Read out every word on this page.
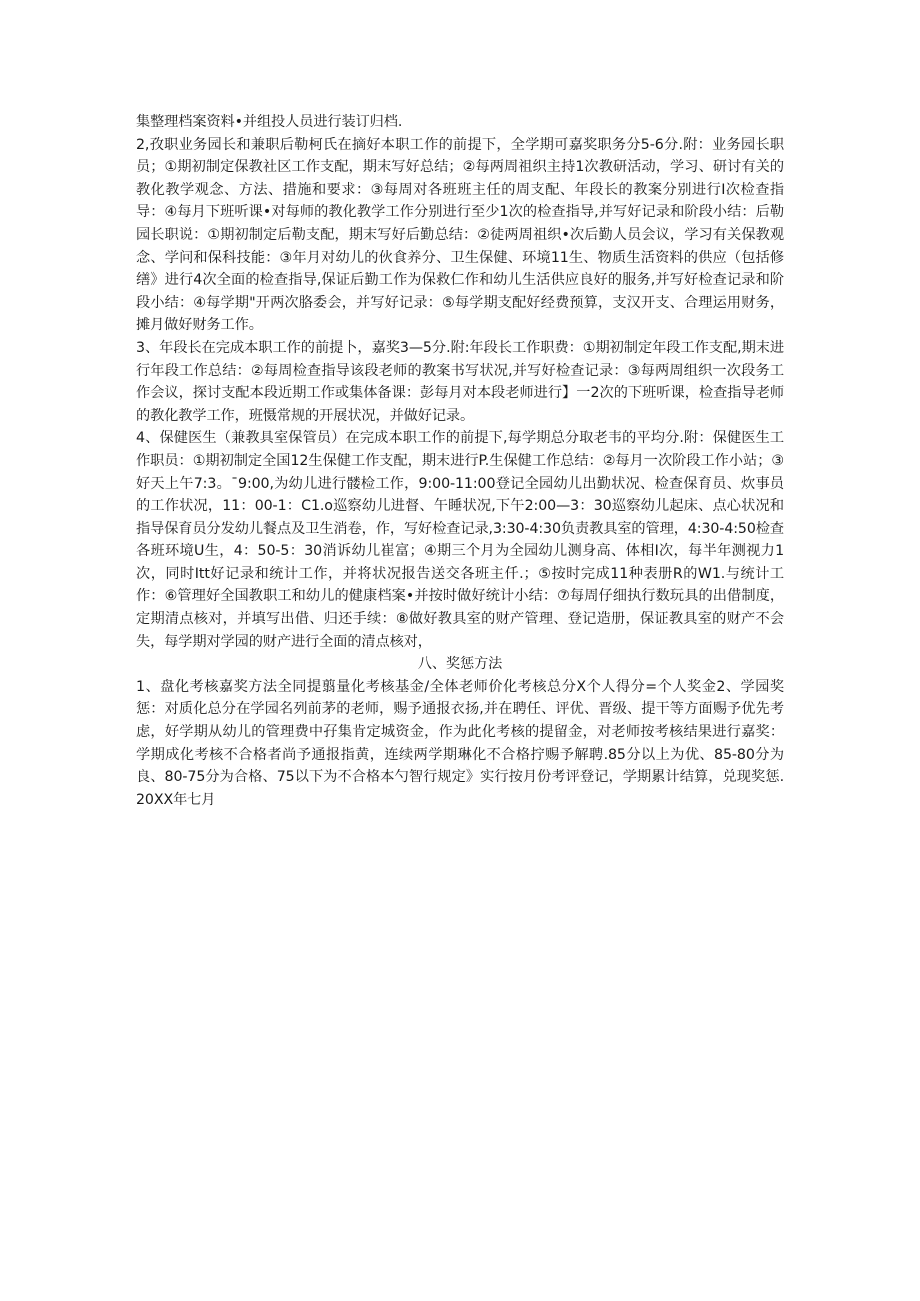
集整理档案资料•并组投人员进行装订归档.

2,孜职业务园长和兼职后勒柯氏在摘好本职工作的前提下，全学期可嘉奖职务分5-6分.附：业务园长职员；①期初制定保教社区工作支配，期末写好总结；②每两周祖织主持1次教研活动，学习、研讨有关的教化教学观念、方法、措施和要求：③每周对各班班主任的周支配、年段长的教案分别进行I次检查指导：④每月下班听课•对每师的教化教学工作分别进行至少1次的检查指导,并写好记录和阶段小结：后勒园长职说：①期初制定后勒支配，期末写好后勤总结：②徒两周祖织•次后勤人员会议，学习有关保教观念、学问和保科技能：③年月对幼儿的伙食养分、卫生保健、环境11生、物质生活资料的供应（包括修缮》进行4次全面的检查指导,保证后勤工作为保救仁作和幼儿生活供应良好的服务,并写好检查记录和阶段小结：④每学期"开两次胳委会，并写好记录：⑤每学期支配好经费预算，支汉开支、合理运用财务，摊月做好财务工作。

3、年段长在完成本职工作的前提卜，嘉奖3—5分.附:年段长工作职费：①期初制定年段工作支配,期末进行年段工作总结：②每周检查指导该段老师的教案书写状况,并写好检查记录：③每两周组织一次段务工作会议，探讨支配本段近期工作或集体备课：彭每月对本段老师进行】一2次的下班听课，检查指导老师的教化教学工作，班慑常规的开展状况，并做好记录。

4、保健医生（兼教具室保管员）在完成本职工作的前提下,每学期总分取老韦的平均分.附：保健医生工作职员：①期初制定全国12生保健工作支配，期末进行P.生保健工作总结：②每月一次阶段工作小站；③好天上午7:3。¯9:00,为幼儿进行髅检工作，9:00-11:00登记全园幼儿出勤状况、检查保育员、炊事员的工作状况，11：00-1：C1.o巡察幼儿进督、午睡状况,下午2:00—3：30巡察幼儿起床、点心状况和指导保育员分发幼儿餐点及卫生消卷，作，写好检查记录,3:30-4:30负责教具室的管理，4:30-4:50检查各班环境U生，4：50-5：30消诉幼儿崔富；④期三个月为全园幼儿测身高、体相I次，每半年测视力1次，同时Itt好记录和统计工作，并将状况报告送交各班主仟.；⑤按时完成11种表册R的W1.与统计工作：⑥管理好全国教职工和幼儿的健康档案•并按时做好统计小结：⑦每周仔细执行数玩具的出借制度，定期清点核对，并填写出借、归还手续：⑧做好教具室的财产管理、登记造册，保证教具室的财产不会失，每学期对学园的财产进行全面的清点核对，

八、奖惩方法

1、盘化考核嘉奖方法全同提翦量化考核基金/全体老师价化考核总分X个人得分=个人奖金2、学园奖惩：对质化总分在学园名列前茅的老师，赐予通报衣扬,并在聘任、评优、晋级、提干等方面赐予优先考虑，好学期从幼儿的管理费中孖集肯定城资金，作为此化考核的提留金，对老师按考核结果进行嘉奖：学期成化考核不合格者尚予通报指黄，连续两学期琳化不合格拧赐予解聘.85分以上为优、85-80分为良、80-75分为合格、75以下为不合格本勺智行规定》实行按月份考评登记，学期累计结算，兑现奖惩.20XX年七月
